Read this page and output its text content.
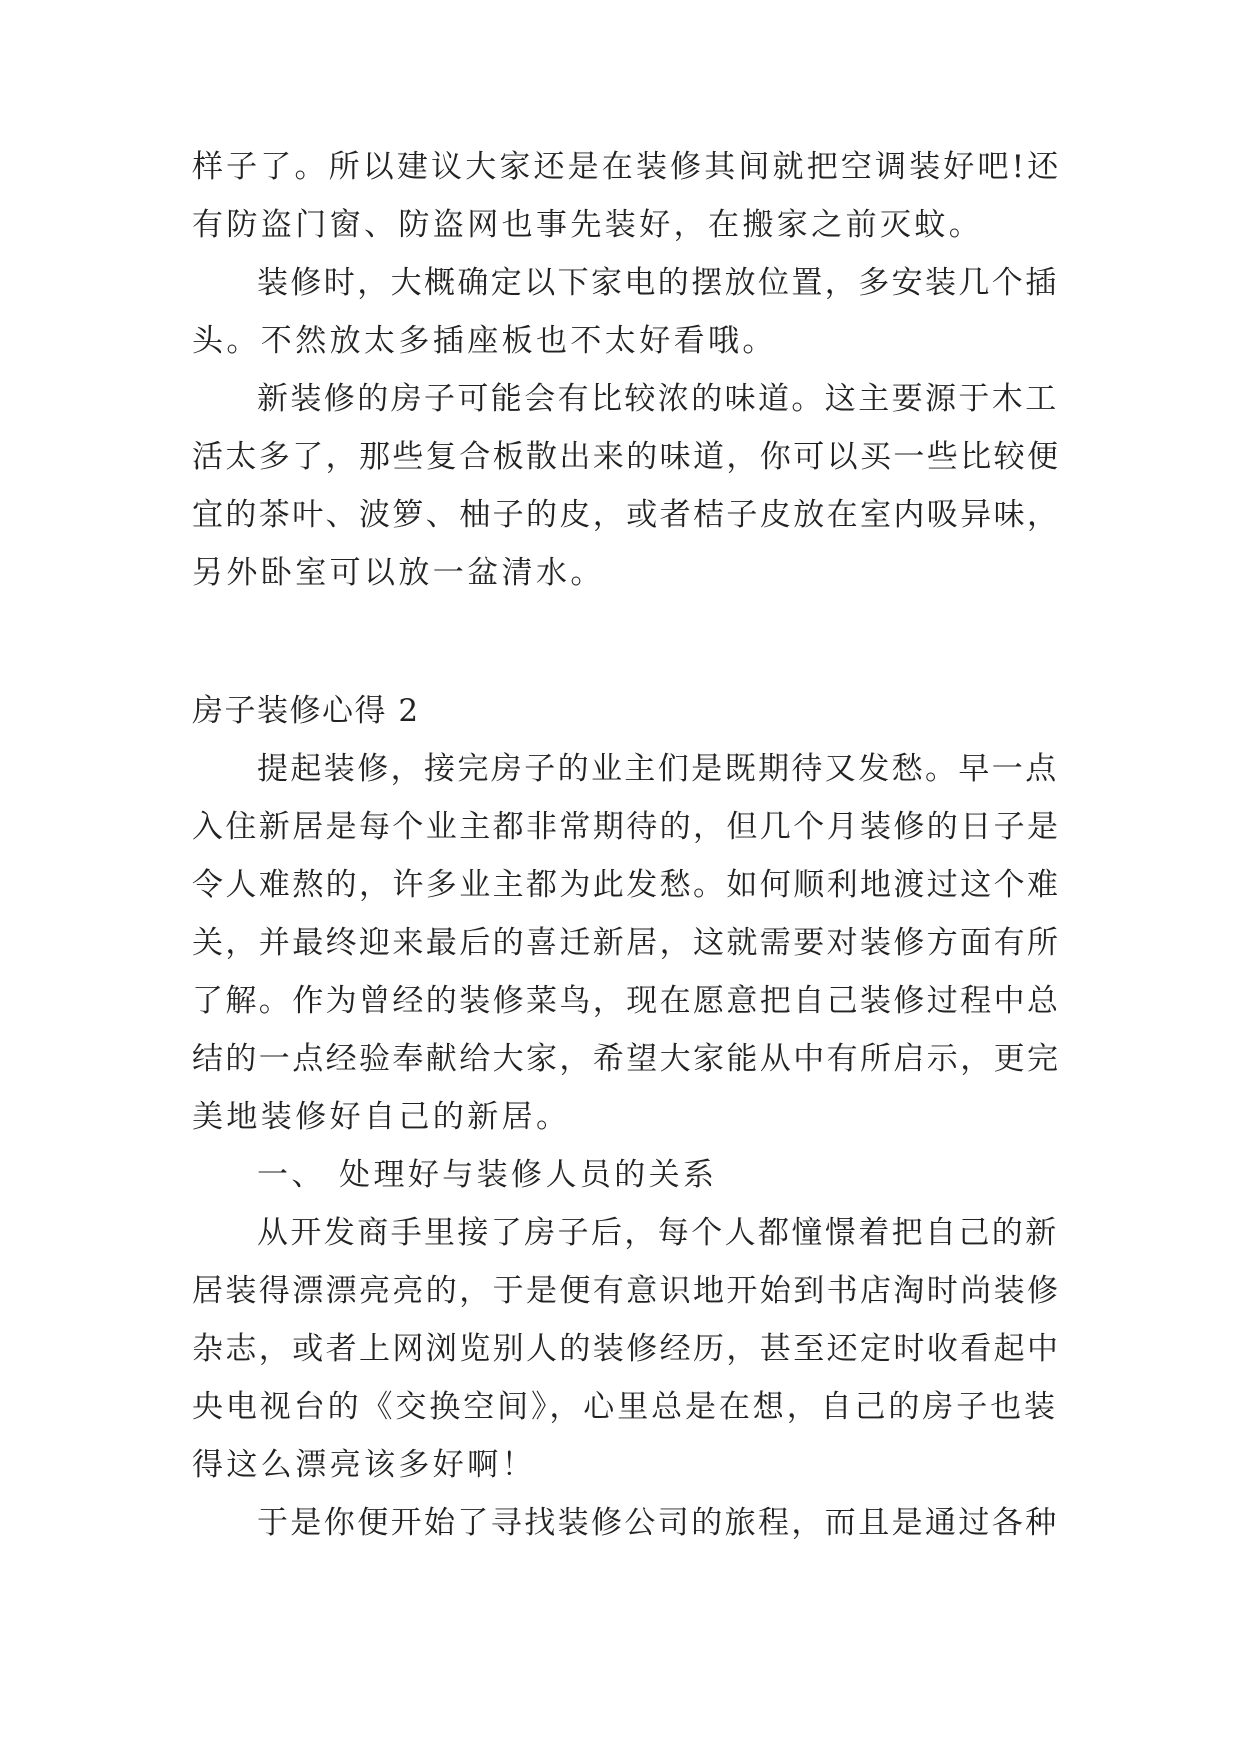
样子了。所以建议大家还是在装修其间就把空调装好吧!还
有防盗门窗、防盗网也事先装好，在搬家之前灭蚊。
装修时，大概确定以下家电的摆放位置，多安装几个插
头。不然放太多插座板也不太好看哦。
新装修的房子可能会有比较浓的味道。这主要源于木工
活太多了，那些复合板散出来的味道，你可以买一些比较便
宜的茶叶、波箩、柚子的皮，或者桔子皮放在室内吸异味，
另外卧室可以放一盆清水。
房子装修心得 2
提起装修，接完房子的业主们是既期待又发愁。早一点
入住新居是每个业主都非常期待的，但几个月装修的日子是
令人难熬的，许多业主都为此发愁。如何顺利地渡过这个难
关，并最终迎来最后的喜迁新居，这就需要对装修方面有所
了解。作为曾经的装修菜鸟，现在愿意把自己装修过程中总
结的一点经验奉献给大家，希望大家能从中有所启示，更完
美地装修好自己的新居。
一、 处理好与装修人员的关系
从开发商手里接了房子后，每个人都憧憬着把自己的新
居装得漂漂亮亮的，于是便有意识地开始到书店淘时尚装修
杂志，或者上网浏览别人的装修经历，甚至还定时收看起中
央电视台的《交换空间》，心里总是在想，自己的房子也装
得这么漂亮该多好啊！
于是你便开始了寻找装修公司的旅程，而且是通过各种
